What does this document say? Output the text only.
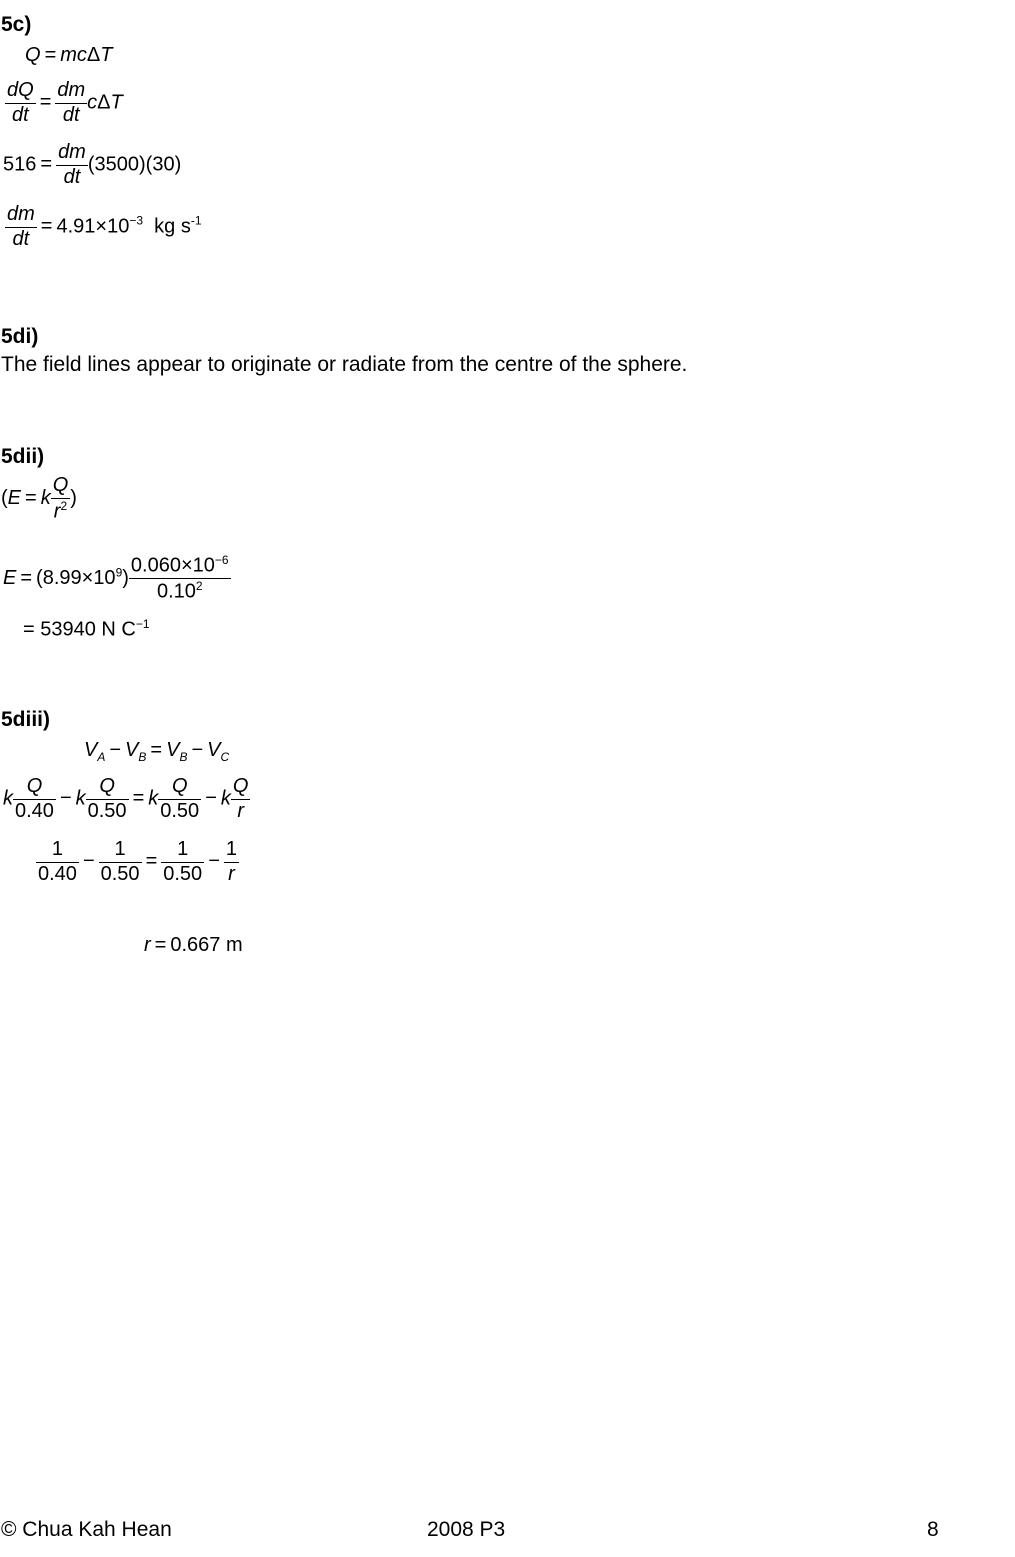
5c)
Q = mcΔT
$\frac{dQ}{dt} = \frac{dm}{dt}$ cΔT
$516 = \frac{dm}{dt} (3500)(30)$
$\frac{dm}{dt} = 4.91\times 10^{-3}$ kg $s^{-1}$
5di)
The field lines appear to originate or radiate from the centre of the sphere.
5dii)
(E = k $\frac{Q}{r^2}$ )
$E = (8.99\times 10^9) \frac{0.060\times 10^{-6}}{0.10^2}$
= 53940 N $C^{-1}$
5diii)
$V_A - V_B = V_B - V_C$
k $\frac{Q}{0.40} - k \frac{Q}{0.50} = k \frac{Q}{0.50} - k \frac{Q}{r}$
$\frac{1}{0.40} - \frac{1}{0.50} = \frac{1}{0.50} - \frac{1}{r}$
r = 0.667 m
© Chua Kah Hean	2008 P3	8
